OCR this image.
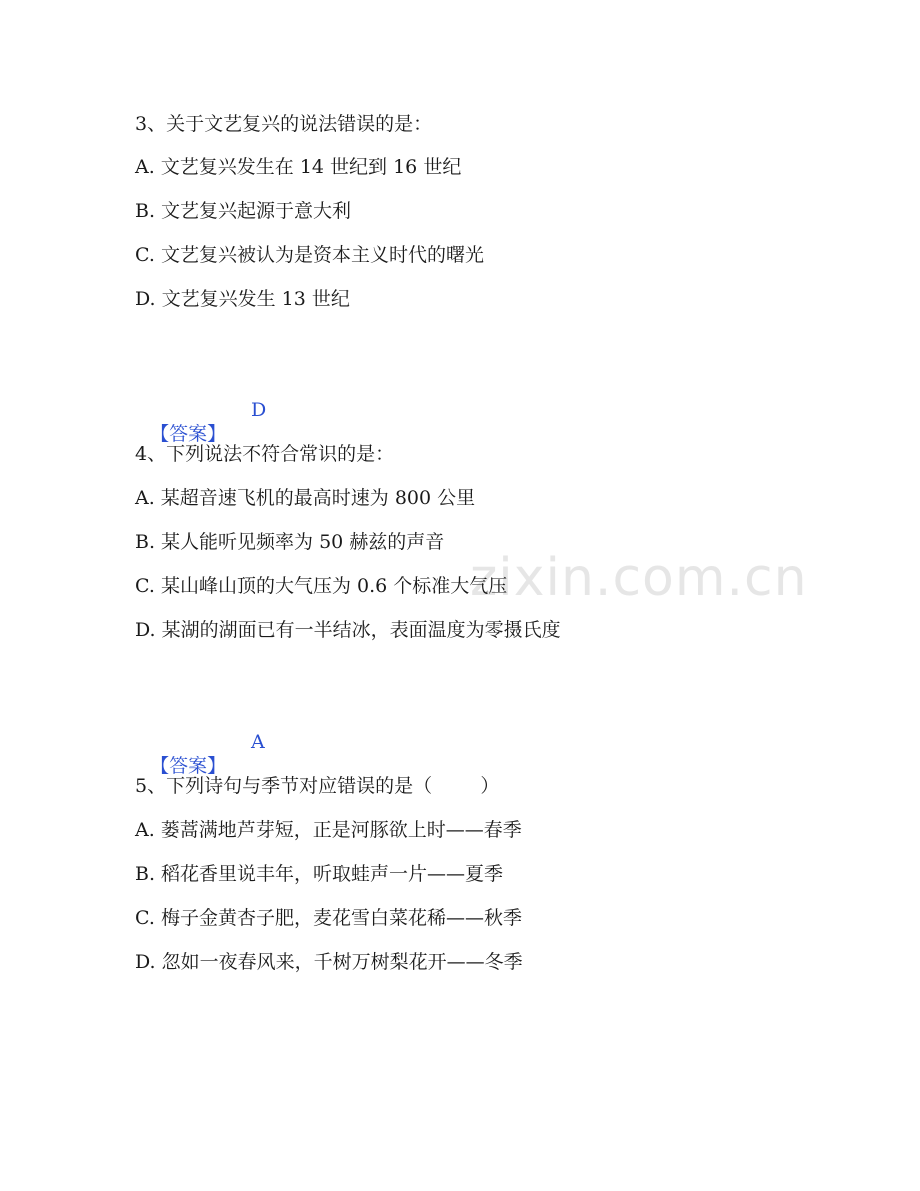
zixin.com.cn
3、关于文艺复兴的说法错误的是：
A. 文艺复兴发生在 14 世纪到 16 世纪
B. 文艺复兴起源于意大利
C. 文艺复兴被认为是资本主义时代的曙光
D. 文艺复兴发生 13 世纪

【答案】
D

4、下列说法不符合常识的是：
A. 某超音速飞机的最高时速为 800 公里
B. 某人能听见频率为 50 赫兹的声音
C. 某山峰山顶的大气压为 0.6 个标准大气压
D. 某湖的湖面已有一半结冰，表面温度为零摄氏度

【答案】
A

5、下列诗句与季节对应错误的是（        ）
A. 蒌蒿满地芦芽短，正是河豚欲上时——春季
B. 稻花香里说丰年，听取蛙声一片——夏季
C. 梅子金黄杏子肥，麦花雪白菜花稀——秋季
D. 忽如一夜春风来，千树万树梨花开——冬季
